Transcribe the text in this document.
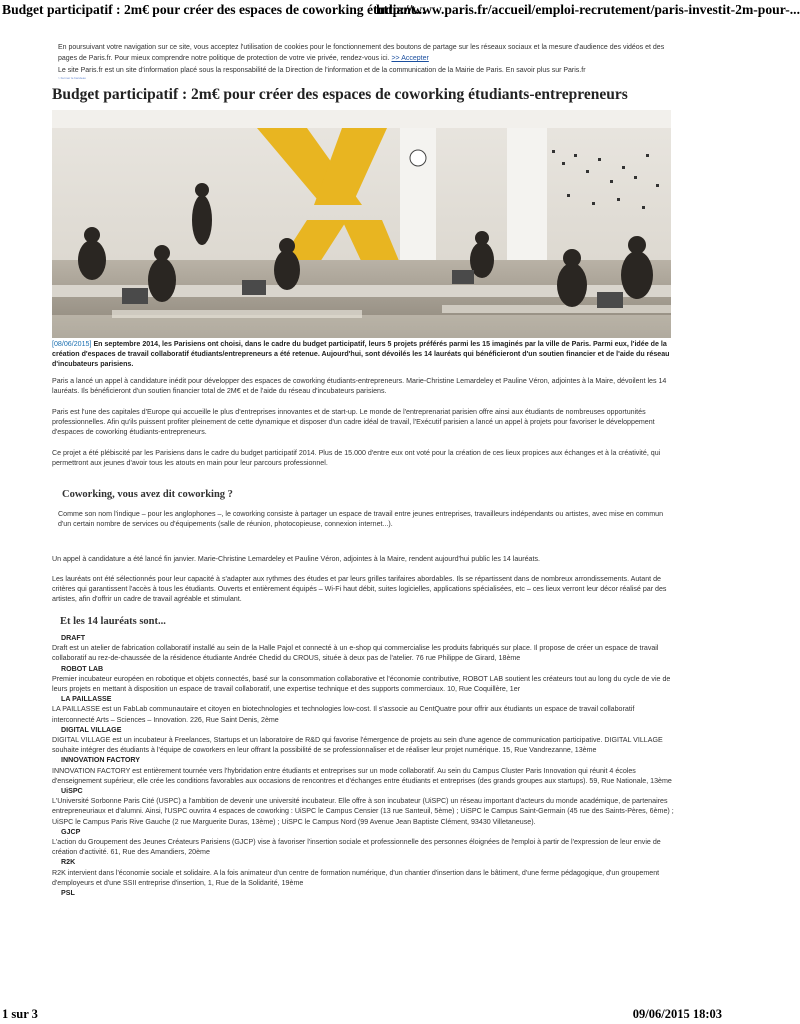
Budget participatif : 2m€ pour créer des espaces de coworking étudiant...
http://www.paris.fr/accueil/emploi-recrutement/paris-investit-2m-pour-...
En poursuivant votre navigation sur ce site, vous acceptez l'utilisation de cookies pour le fonctionnement des boutons de partage sur les réseaux sociaux et la mesure d'audience des vidéos et des pages de Paris.fr. Pour mieux comprendre notre politique de protection de votre vie privée, rendez-vous ici. >> Accepter
Le site Paris.fr est un site d'information placé sous la responsabilité de la Direction de l'information et de la communication de la Mairie de Paris. En savoir plus sur Paris.fr
> Fermer le bandeau
Budget participatif : 2m€ pour créer des espaces de coworking étudiants-entrepreneurs
[08/06/2015] En septembre 2014, les Parisiens ont choisi, dans le cadre du budget participatif, leurs 5 projets préférés parmi les 15 imaginés par la ville de Paris. Parmi eux, l'idée de la création d'espaces de travail collaboratif étudiants/entrepreneurs a été retenue. Aujourd'hui, sont dévoilés les 14 lauréats qui bénéficieront d'un soutien financier et de l'aide du réseau d'incubateurs parisiens.

Paris a lancé un appel à candidature inédit pour développer des espaces de coworking étudiants-entrepreneurs. Marie-Christine Lemardeley et Pauline Véron, adjointes à la Maire, dévoilent les 14 lauréats. Ils bénéficieront d'un soutien financier total de 2M€ et de l'aide du réseau d'incubateurs parisiens.

Paris est l'une des capitales d'Europe qui accueille le plus d'entreprises innovantes et de start-up. Le monde de l'entreprenariat parisien offre ainsi aux étudiants de nombreuses opportunités professionnelles. Afin qu'ils puissent profiter pleinement de cette dynamique et disposer d'un cadre idéal de travail, l'Exécutif parisien a lancé un appel à projets pour favoriser le développement d'espaces de coworking étudiants-entrepreneurs.

Ce projet a été plébiscité par les Parisiens dans le cadre du budget participatif 2014. Plus de 15.000 d'entre eux ont voté pour la création de ces lieux propices aux échanges et à la créativité, qui permettront aux jeunes d'avoir tous les atouts en main pour leur parcours professionnel.

Coworking, vous avez dit coworking ?

Comme son nom l'indique – pour les anglophones –, le coworking consiste à partager un espace de travail entre jeunes entreprises, travailleurs indépendants ou artistes, avec mise en commun d'un certain nombre de services ou d'équipements (salle de réunion, photocopieuse, connexion internet...).

Un appel à candidature a été lancé fin janvier. Marie-Christine Lemardeley et Pauline Véron, adjointes à la Maire, rendent aujourd'hui public les 14 lauréats.

Les lauréats ont été sélectionnés pour leur capacité à s'adapter aux rythmes des études et par leurs grilles tarifaires abordables. Ils se répartissent dans de nombreux arrondissements. Autant de critères qui garantissent l'accès à tous les étudiants. Ouverts et entièrement équipés – Wi-Fi haut débit, suites logicielles, applications spécialisées, etc – ces lieux verront leur décor réalisé par des artistes, afin d'offrir un cadre de travail agréable et stimulant.

Et les 14 lauréats sont...
DRAFT
Draft est un atelier de fabrication collaboratif installé au sein de la Halle Pajol et connecté à un e-shop qui commercialise les produits fabriqués sur place. Il propose de créer un espace de travail collaboratif au rez-de-chaussée de la résidence étudiante Andrée Chedid du CROUS, située à deux pas de l'atelier. 76 rue Philippe de Girard, 18ème
ROBOT LAB
Premier incubateur européen en robotique et objets connectés, basé sur la consommation collaborative et l'économie contributive, ROBOT LAB soutient les créateurs tout au long du cycle de vie de leurs projets en mettant à disposition un espace de travail collaboratif, une expertise technique et des supports commerciaux. 10, Rue Coquillère, 1er
LA PAILLASSE
LA PAILLASSE est un FabLab communautaire et citoyen en biotechnologies et technologies low-cost. Il s'associe au CentQuatre pour offrir aux étudiants un espace de travail collaboratif interconnecté Arts – Sciences – Innovation. 226, Rue Saint Denis, 2ème
DIGITAL VILLAGE
DIGITAL VILLAGE est un incubateur à Freelances, Startups et un laboratoire de R&D qui favorise l'émergence de projets au sein d'une agence de communication participative. DIGITAL VILLAGE souhaite intégrer des étudiants à l'équipe de coworkers en leur offrant la possibilité de se professionnaliser et de réaliser leur projet numérique. 15, Rue Vandrezanne, 13ème
INNOVATION FACTORY
INNOVATION FACTORY est entièrement tournée vers l'hybridation entre étudiants et entreprises sur un mode collaboratif. Au sein du Campus Cluster Paris Innovation qui réunit 4 écoles d'enseignement supérieur, elle crée les conditions favorables aux occasions de rencontres et d'échanges entre étudiants et entreprises (des grands groupes aux startups). 59, Rue Nationale, 13ème
UiSPC
L'Université Sorbonne Paris Cité (USPC) a l'ambition de devenir une université incubateur. Elle offre à son incubateur (UiSPC) un réseau important d'acteurs du monde académique, de partenaires entrepreneuriaux et d'alumni. Ainsi, l'USPC ouvrira 4 espaces de coworking : UiSPC le Campus Censier (13 rue Santeuil, 5ème) ; UiSPC le Campus Saint-Germain (45 rue des Saints-Pères, 6ème) ; UiSPC le Campus Paris Rive Gauche (2 rue Marguerite Duras, 13ème) ; UiSPC le Campus Nord (99 Avenue Jean Baptiste Clément, 93430 Villetaneuse).
GJCP
L'action du Groupement des Jeunes Créateurs Parisiens (GJCP) vise à favoriser l'insertion sociale et professionnelle des personnes éloignées de l'emploi à partir de l'expression de leur envie de création d'activité. 61, Rue des Amandiers, 20ème
R2K
R2K intervient dans l'économie sociale et solidaire. A la fois animateur d'un centre de formation numérique, d'un chantier d'insertion dans le bâtiment, d'une ferme pédagogique, d'un groupement d'employeurs et d'une SSII entreprise d'insertion, 1, Rue de la Solidarité, 19ème
PSL
1 sur 3	09/06/2015 18:03
